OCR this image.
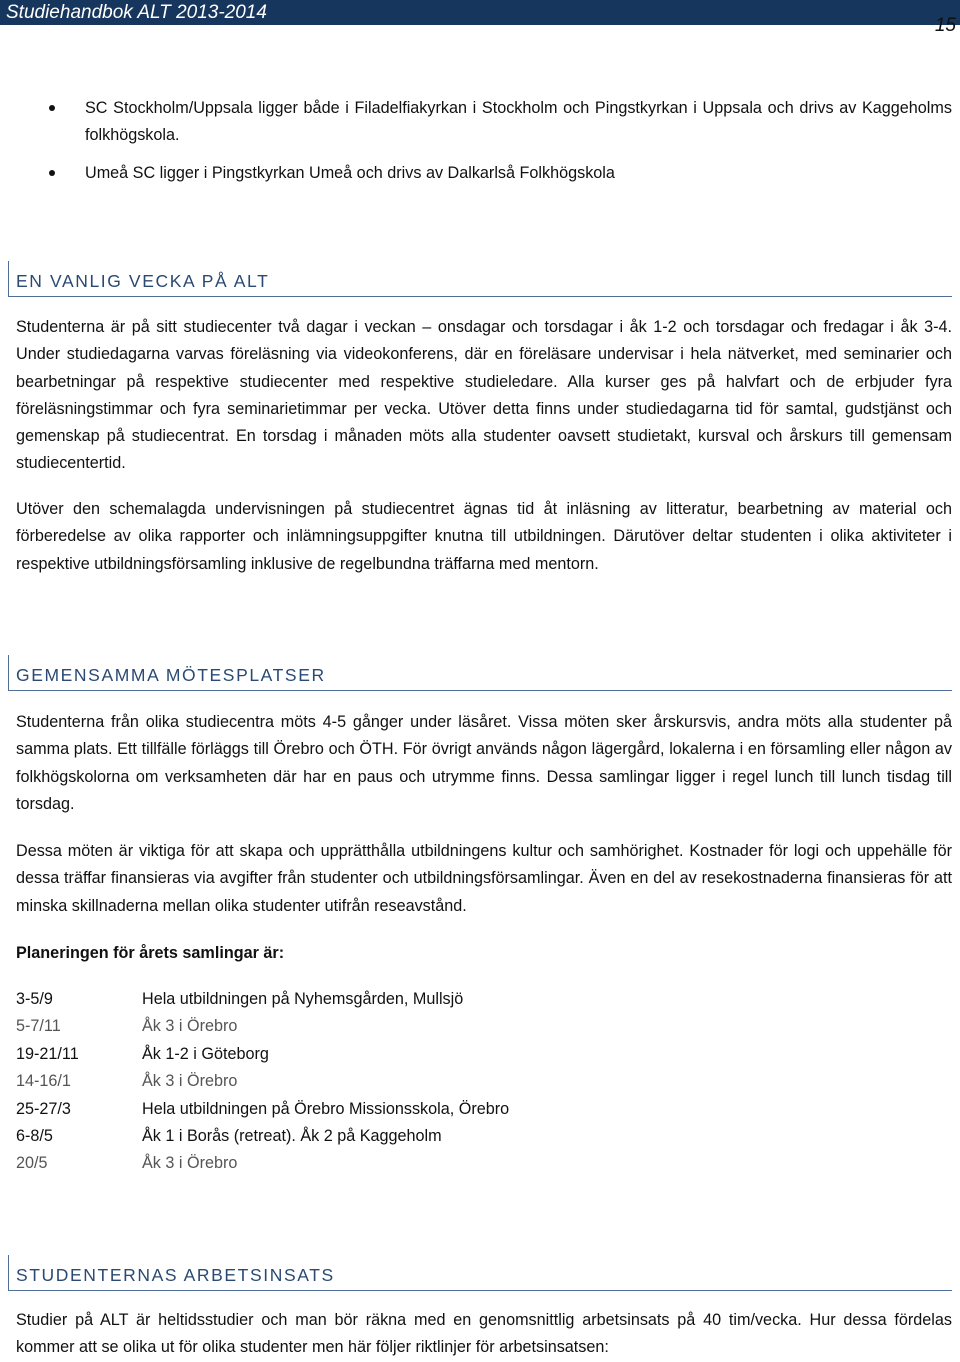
Studiehandbok ALT 2013-2014
15
SC Stockholm/Uppsala ligger både i Filadelfiakyrkan i Stockholm och Pingstkyrkan i Uppsala och drivs av Kaggeholms folkhögskola.
Umeå SC ligger i Pingstkyrkan Umeå och drivs av Dalkarlså Folkhögskola
EN VANLIG VECKA PÅ ALT

Studenterna är på sitt studiecenter två dagar i veckan – onsdagar och torsdagar i åk 1-2 och torsdagar och fredagar i åk 3-4. Under studiedagarna varvas föreläsning via videokonferens, där en föreläsare undervisar i hela nätverket, med seminarier och bearbetningar på respektive studiecenter med respektive studieledare. Alla kurser ges på halvfart och de erbjuder fyra föreläsningstimmar och fyra seminarietimmar per vecka. Utöver detta finns under studiedagarna tid för samtal, gudstjänst och gemenskap på studiecentrat. En torsdag i månaden möts alla studenter oavsett studietakt, kursval och årskurs till gemensam studiecentertid.

Utöver den schemalagda undervisningen på studiecentret ägnas tid åt inläsning av litteratur, bearbetning av material och förberedelse av olika rapporter och inlämningsuppgifter knutna till utbildningen. Därutöver deltar studenten i olika aktiviteter i respektive utbildningsförsamling inklusive de regelbundna träffarna med mentorn.

GEMENSAMMA MÖTESPLATSER

Studenterna från olika studiecentra möts 4-5 gånger under läsåret. Vissa möten sker årskursvis, andra möts alla studenter på samma plats. Ett tillfälle förläggs till Örebro och ÖTH. För övrigt används någon lägergård, lokalerna i en församling eller någon av folkhögskolorna om verksamheten där har en paus och utrymme finns. Dessa samlingar ligger i regel lunch till lunch tisdag till torsdag.

Dessa möten är viktiga för att skapa och upprätthålla utbildningens kultur och samhörighet. Kostnader för logi och uppehälle för dessa träffar finansieras via avgifter från studenter och utbildningsförsamlingar. Även en del av resekostnaderna finansieras för att minska skillnaderna mellan olika studenter utifrån reseavstånd.

Planeringen för årets samlingar är:

3-5/9	Hela utbildningen på Nyhemsgården, Mullsjö
5-7/11	Åk 3 i Örebro
19-21/11	Åk 1-2 i Göteborg
14-16/1	Åk 3 i Örebro
25-27/3	Hela utbildningen på Örebro Missionsskola, Örebro
6-8/5	Åk 1 i Borås (retreat). Åk 2 på Kaggeholm
20/5	Åk 3 i Örebro
STUDENTERNAS ARBETSINSATS

Studier på ALT är heltidsstudier och man bör räkna med en genomsnittlig arbetsinsats på 40 tim/vecka. Hur dessa fördelas kommer att se olika ut för olika studenter men här följer riktlinjer för arbetsinsatsen:
